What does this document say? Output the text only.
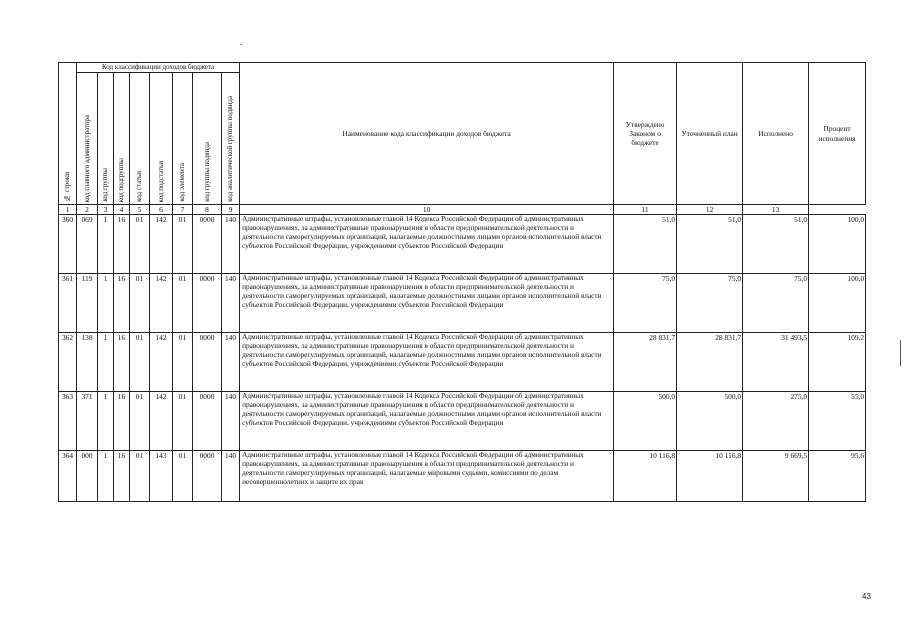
№ строки	Код классификации доходов бюджета								Наименование кода классификации доходов бюджета	Утверждено Законом о бюджете	Уточненный план	Исполнено	Процент исполнения

	код главного администратора	код группы	код подгруппы	код статьи	код подстатьи	код элемента	код группы подвида	код аналитической группы подвида					

1	2	3	4	5	6	7	8	9	10	11	12	13	
360	069	1	16	01	142	01	0000	140	Административные штрафы, установленные главой 14 Кодекса Российской Федерации об административных правонарушениях, за административные правонарушения в области предпринимательской деятельности и деятельности саморегулируемых организаций, налагаемые должностными лицами органов исполнительной власти субъектов Российской Федерации, учреждениями субъектов Российской Федерации	51,0	51,0	51,0	100,0
361	119	1	16	01	142	01	0000	140	Административные штрафы, установленные главой 14 Кодекса Российской Федерации об административных правонарушениях, за административные правонарушения в области предпринимательской деятельности и деятельности саморегулируемых организаций, налагаемые должностными лицами органов исполнительной власти субъектов Российской Федерации, учреждениями субъектов Российской Федерации	75,0	75,0	75,0	100,0
362	138	1	16	01	142	01	0000	140	Административные штрафы, установленные главой 14 Кодекса Российской Федерации об административных правонарушениях, за административные правонарушения в области предпринимательской деятельности и деятельности саморегулируемых организаций, налагаемые должностными лицами органов исполнительной власти субъектов Российской Федерации, учреждениями субъектов Российской Федерации	28 831,7	28 831,7	31 493,5	109,2
363	371	1	16	01	142	01	0000	140	Административные штрафы, установленные главой 14 Кодекса Российской Федерации об административных правонарушениях, за административные правонарушения в области предпринимательской деятельности и деятельности саморегулируемых организаций, налагаемые должностными лицами органов исполнительной власти субъектов Российской Федерации, учреждениями субъектов Российской Федерации	500,0	500,0	275,0	55,0
364	000	1	16	01	143	01	0000	140	Административные штрафы, установленные главой 14 Кодекса Российской Федерации об административных правонарушениях, за административные правонарушения в области предпринимательской деятельности и деятельности саморегулируемых организаций, налагаемые мировыми судьями, комиссиями по делам несовершеннолетних и защите их прав	10 116,8	10 116,8	9 669,5	95,6
43
